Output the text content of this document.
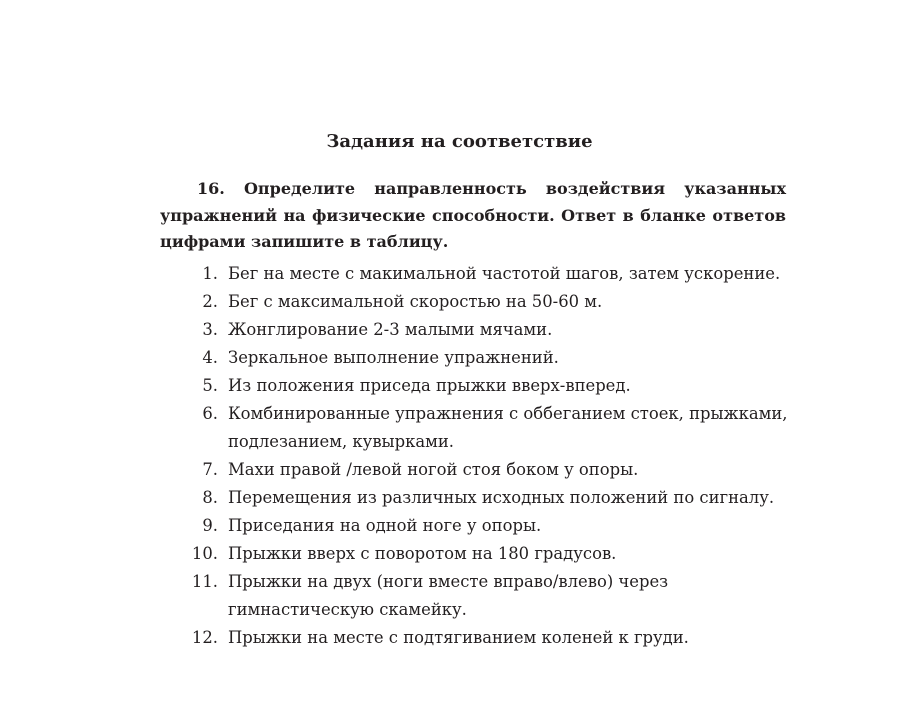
Задания на соответствие

16. Определите направленность воздействия указанных упражнений на физические способности. Ответ в бланке ответов цифрами запишите в таблицу.

1. Бег на месте с макимальной частотой шагов, затем ускорение.
2. Бег с максимальной скоростью на 50-60 м.
3. Жонглирование 2-3 малыми мячами.
4. Зеркальное выполнение упражнений.
5. Из положения приседа прыжки вверх-вперед.
6. Комбинированные упражнения с оббеганием стоек, прыжками, подлезанием, кувырками.
7. Махи правой /левой ногой стоя боком у опоры.
8. Перемещения из различных исходных положений по сигналу.
9. Приседания на одной ноге у опоры.
10. Прыжки вверх с поворотом на 180 градусов.
11. Прыжки на двух (ноги вместе вправо/влево) через гимнастическую скамейку.
12. Прыжки на месте с подтягиванием коленей к груди.
